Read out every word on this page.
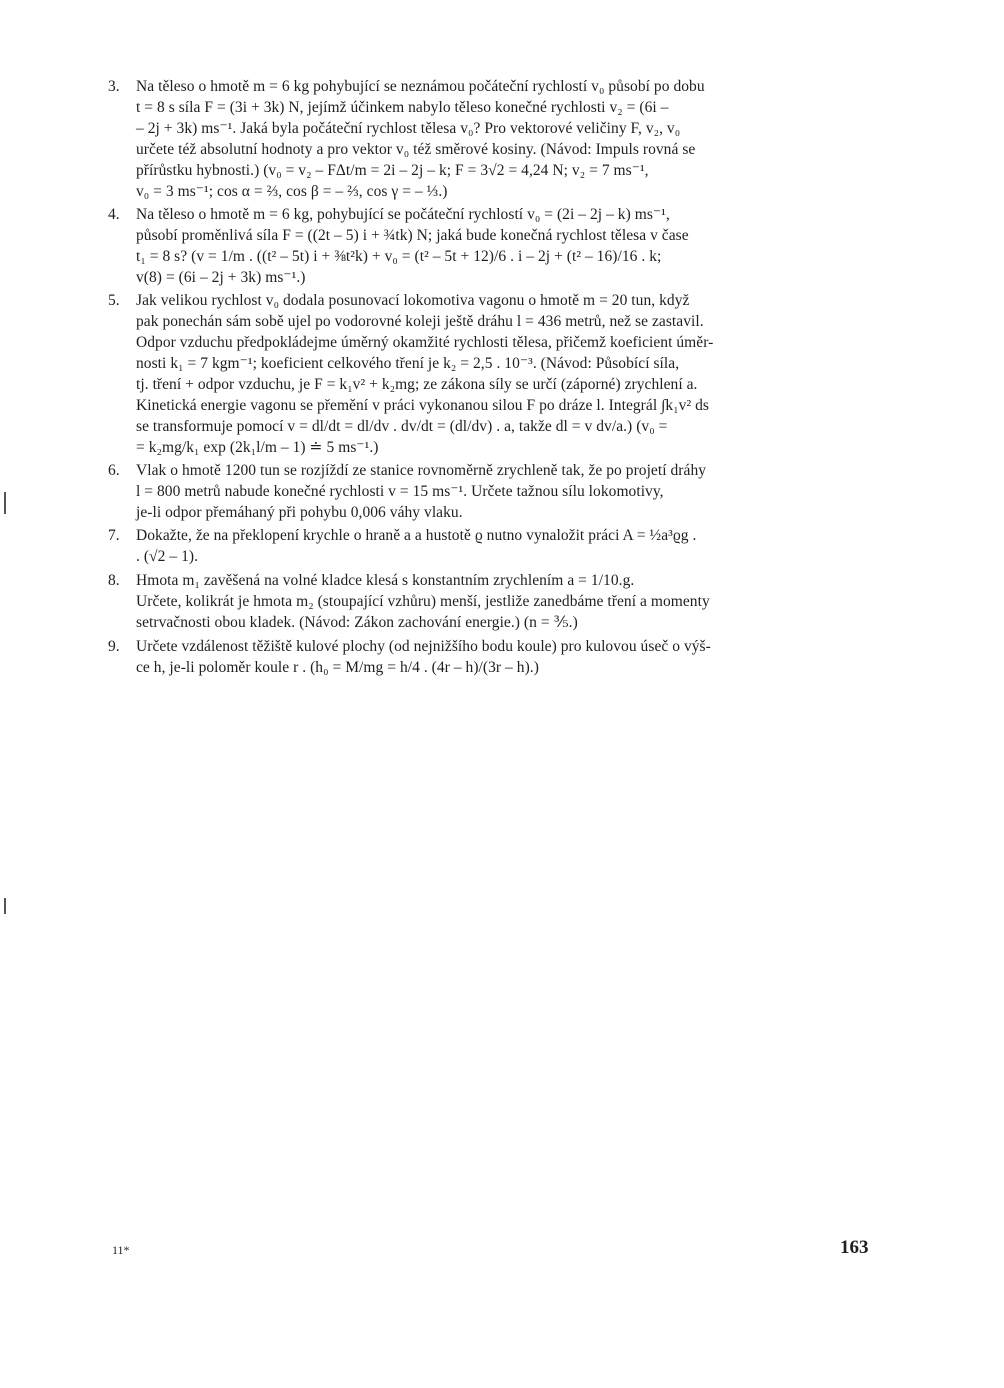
3. Na těleso o hmotě m = 6 kg pohybující se neznámou počáteční rychlostí v₀ působí po dobu
t = 8 s síla F = (3i + 3k) N, jejímž účinkem nabylo těleso konečné rychlosti v₂ = (6i –
– 2j + 3k) ms⁻¹. Jaká byla počáteční rychlost tělesa v₀? Pro vektorové veličiny F, v₂, v₀
určete též absolutní hodnoty a pro vektor v₀ též směrové kosiny. (Návod: Impuls rovná se
přírůstku hybnosti.) (v₀ = v₂ – FΔt/m = 2i – 2j – k; F = 3√2 = 4,24 N; v₂ = 7 ms⁻¹,
v₀ = 3 ms⁻¹; cos α = ⅔, cos β = – ⅔, cos γ = – ⅓.)
4. Na těleso o hmotě m = 6 kg, pohybující se počáteční rychlostí v₀ = (2i – 2j – k) ms⁻¹,
působí proměnlivá síla F = ((2t – 5) i + ¾tk) N; jaká bude konečná rychlost tělesa v čase
t₁ = 8 s? (v = 1/m . ((t² – 5t) i + ⅜t²k) + v₀ = (t² – 5t + 12)/6 . i – 2j + (t² – 16)/16 . k;
v(8) = (6i – 2j + 3k) ms⁻¹.)
5. Jak velikou rychlost v₀ dodala posunovací lokomotiva vagonu o hmotě m = 20 tun, když
pak ponechán sám sobě ujel po vodorovné koleji ještě dráhu l = 436 metrů, než se zastavil.
Odpor vzduchu předpokládejme úměrný okamžité rychlosti tělesa, přičemž koeficient úměr-
nosti k₁ = 7 kgm⁻¹; koeficient celkového tření je k₂ = 2,5 . 10⁻³. (Návod: Působící síla,
tj. tření + odpor vzduchu, je F = k₁v² + k₂mg; ze zákona síly se určí (záporné) zrychlení a.
Kinetická energie vagonu se přemění v práci vykonanou silou F po dráze l. Integrál ∫k₁v² ds
se transformuje pomocí v = dl/dt = dl/dv . dv/dt = (dl/dv) . a, takže dl = v dv/a.) (v₀ =
= k₂mg/k₁ exp (2k₁l/m – 1) ≐ 5 ms⁻¹.)
6. Vlak o hmotě 1200 tun se rozjíždí ze stanice rovnoměrně zrychleně tak, že po projetí dráhy
l = 800 metrů nabude konečné rychlosti v = 15 ms⁻¹. Určete tažnou sílu lokomotivy,
je-li odpor přemáhaný při pohybu 0,006 váhy vlaku.
7. Dokažte, že na překlopení krychle o hraně a a hustotě ϱ nutno vynaložit práci A = ½a³ϱg .
. (√2 – 1).
8. Hmota m₁ zavěšená na volné kladce klesá s konstantním zrychlením a = 1/10.g.
Určete, kolikrát je hmota m₂ (stoupající vzhůru) menší, jestliže zanedbáme tření a momenty
setrvačnosti obou kladek. (Návod: Zákon zachování energie.) (n = ⅗.)
9. Určete vzdálenost těžiště kulové plochy (od nejnižšího bodu koule) pro kulovou úseč o výš-
ce h, je-li poloměr koule r . (h₀ = M/mg = h/4 . (4r – h)/(3r – h).)
11*	163
